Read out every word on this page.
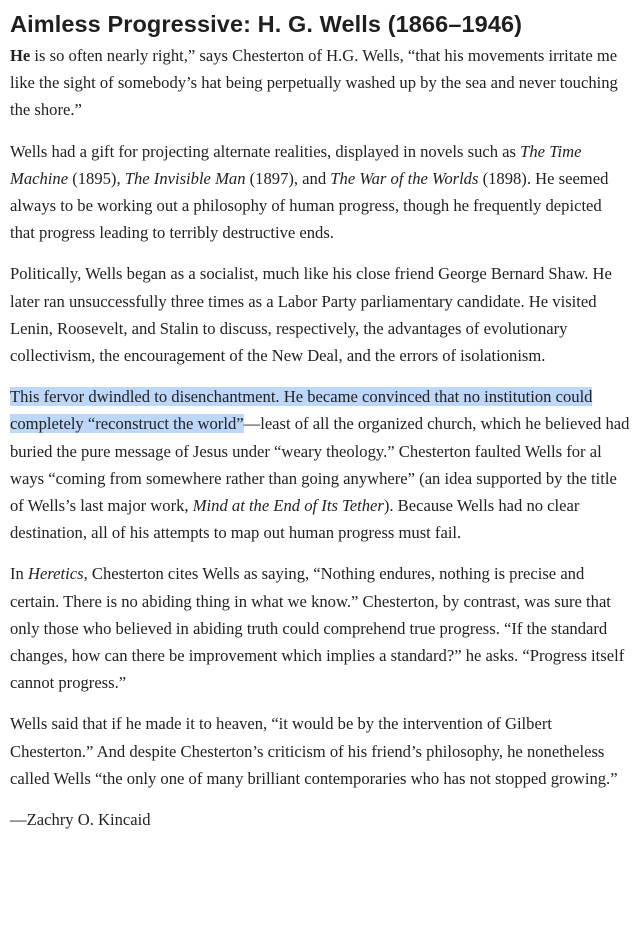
Aimless Progressive: H. G. Wells (1866–1946)

He is so often nearly right,” says Chesterton of H.G. Wells, “that his movements irritate me like the sight of somebody’s hat being perpetually washed up by the sea and never touching the shore.”

Wells had a gift for projecting alternate realities, displayed in novels such as The Time Machine (1895), The Invisible Man (1897), and The War of the Worlds (1898). He seemed always to be working out a philosophy of human progress, though he frequently depicted that progress leading to terribly destructive ends.

Politically, Wells began as a socialist, much like his close friend George Bernard Shaw. He later ran unsuccessfully three times as a Labor Party parliamentary candidate. He visited Lenin, Roosevelt, and Stalin to discuss, respectively, the advantages of evolutionary collectivism, the encouragement of the New Deal, and the errors of isolationism.

This fervor dwindled to disenchantment. He became convinced that no institution could completely “reconstruct the world”—least of all the organized church, which he believed had buried the pure message of Jesus under “weary theology.” Chesterton faulted Wells for al ways “coming from somewhere rather than going anywhere” (an idea supported by the title of Wells’s last major work, Mind at the End of Its Tether). Because Wells had no clear destination, all of his attempts to map out human progress must fail.

In Heretics, Chesterton cites Wells as saying, “Nothing endures, nothing is precise and certain. There is no abiding thing in what we know.” Chesterton, by contrast, was sure that only those who believed in abiding truth could comprehend true progress. “If the standard changes, how can there be improvement which implies a standard?” he asks. “Progress itself cannot progress.”

Wells said that if he made it to heaven, “it would be by the intervention of Gilbert Chesterton.” And despite Chesterton’s criticism of his friend’s philosophy, he nonetheless called Wells “the only one of many brilliant contemporaries who has not stopped growing.”

—Zachry O. Kincaid
